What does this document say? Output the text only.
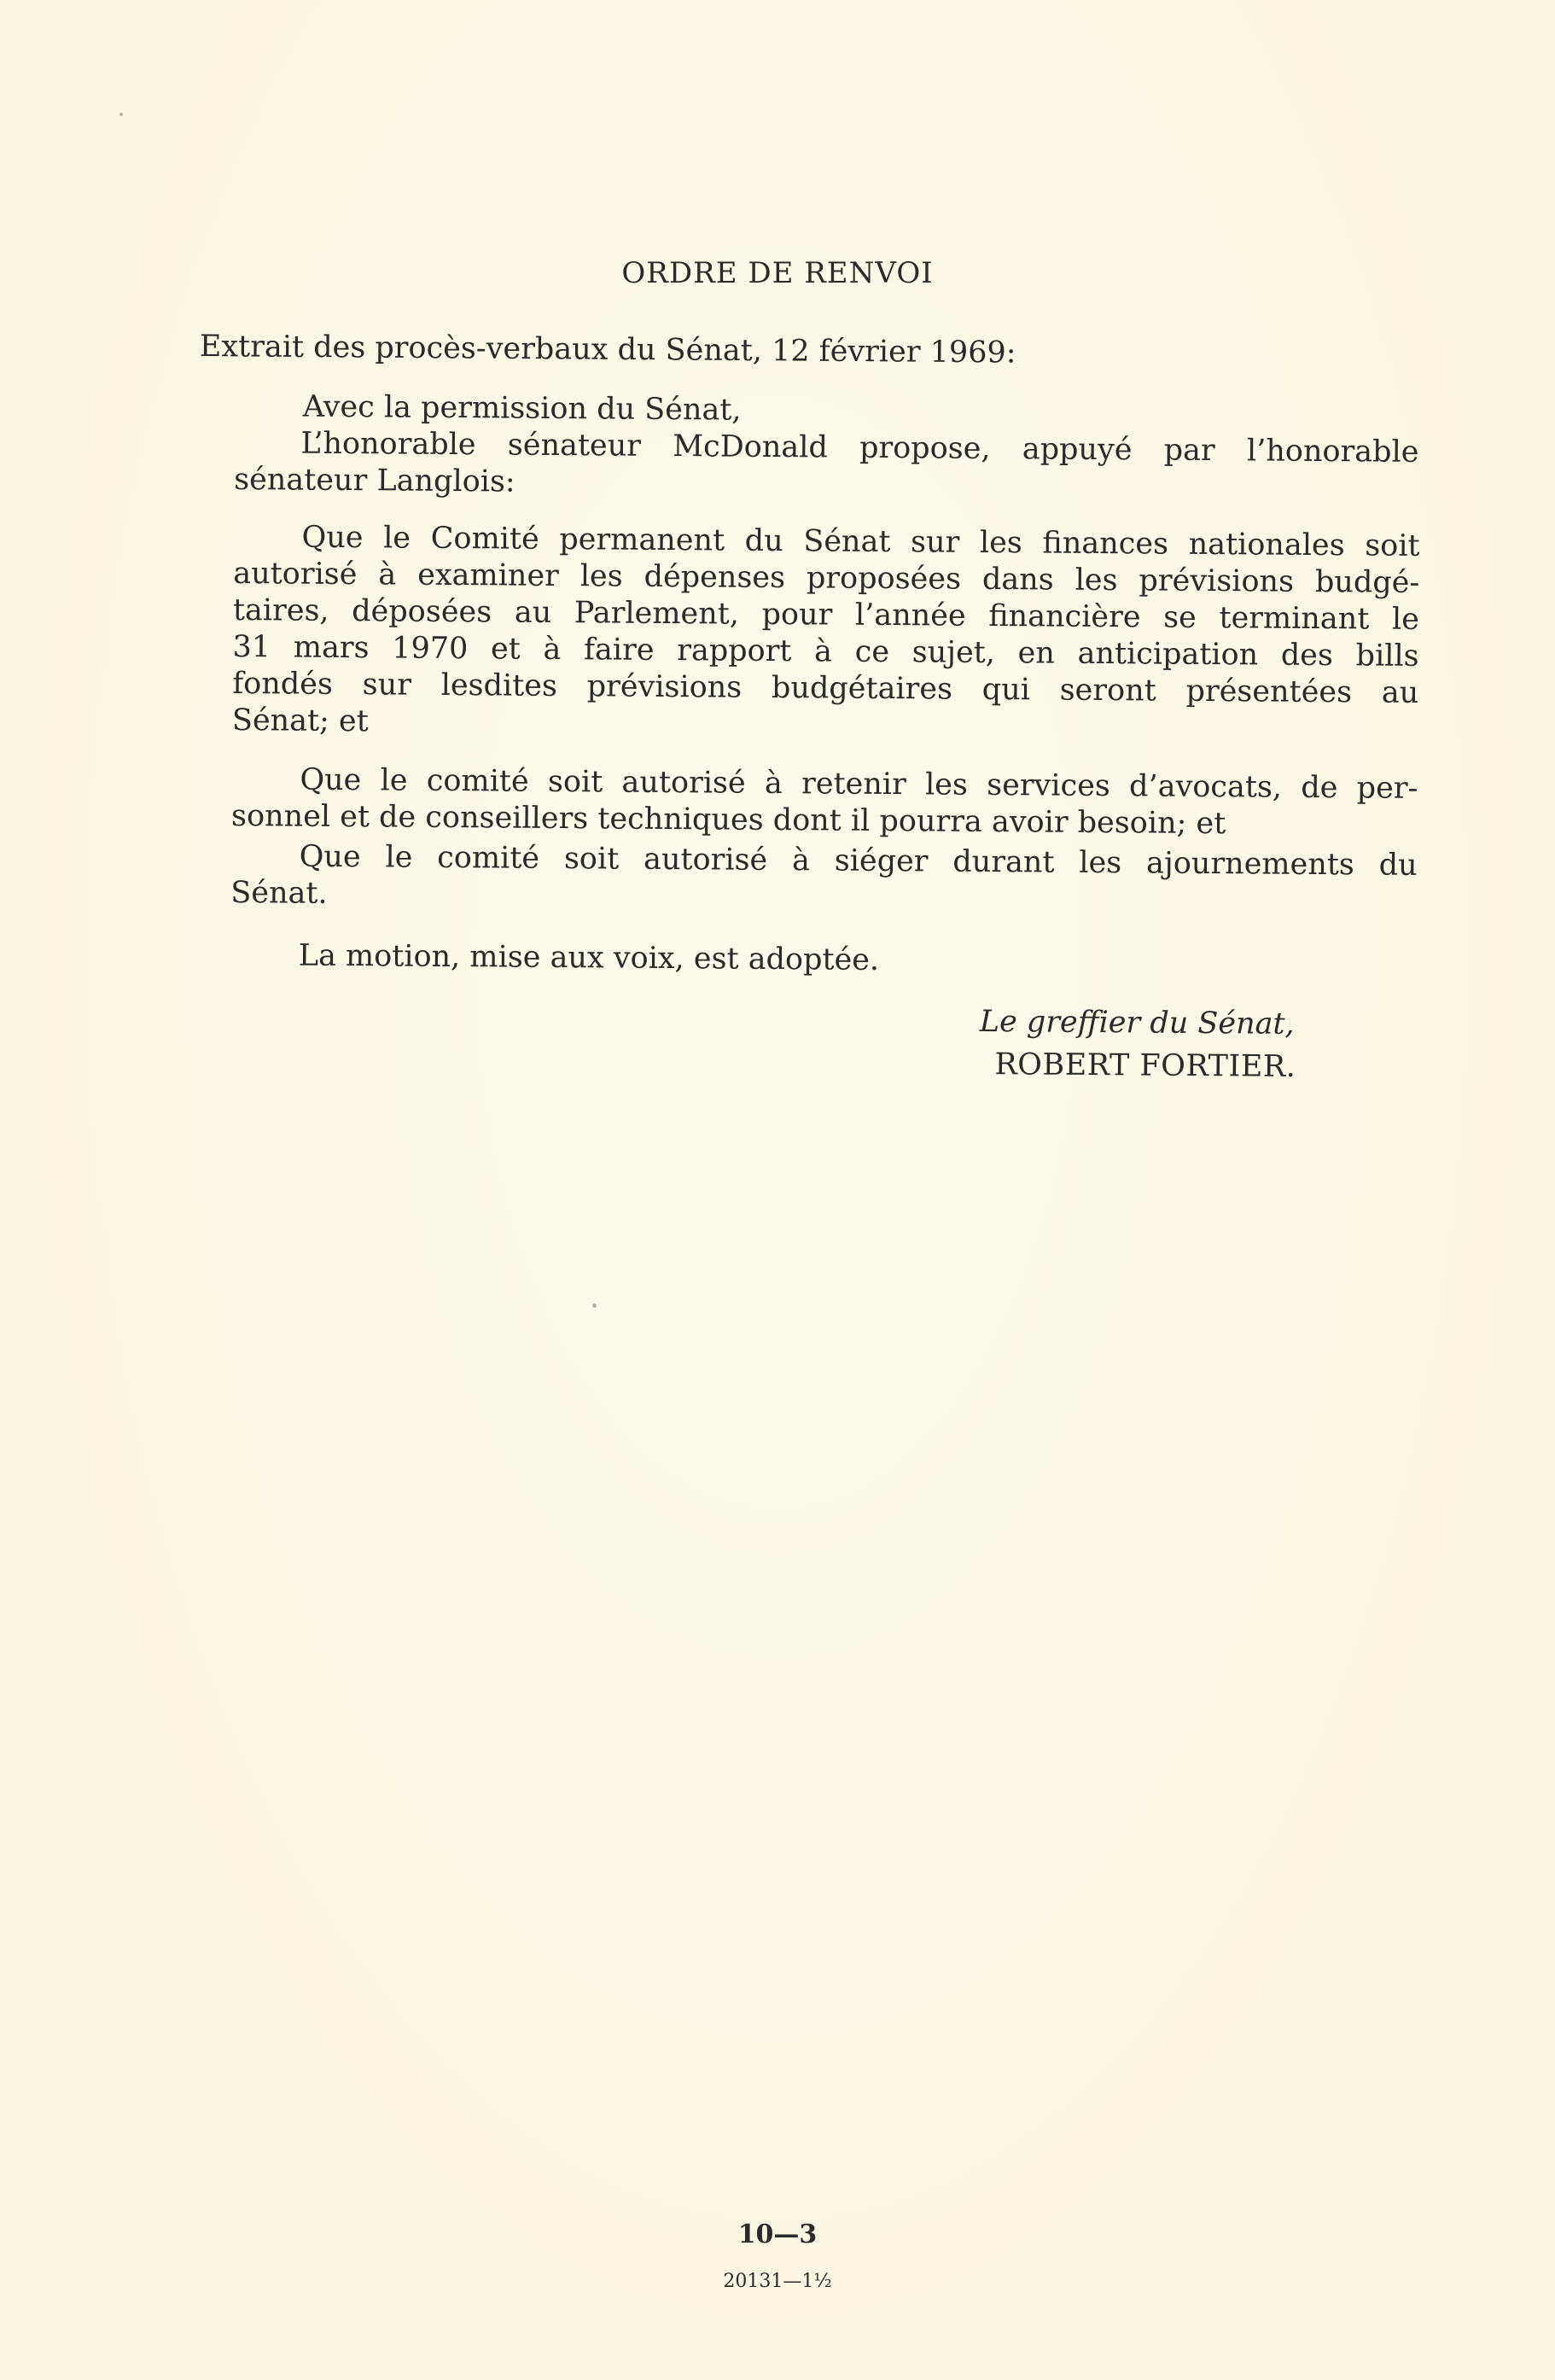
ORDRE DE RENVOI
Extrait des procès-verbaux du Sénat, 12 février 1969:
Avec la permission du Sénat,
L’honorable sénateur McDonald propose, appuyé par l’honorable
sénateur Langlois:
Que le Comité permanent du Sénat sur les finances nationales soit
autorisé à examiner les dépenses proposées dans les prévisions budgé-
taires, déposées au Parlement, pour l’année financière se terminant le
31 mars 1970 et à faire rapport à ce sujet, en anticipation des bills
fondés sur lesdites prévisions budgétaires qui seront présentées au
Sénat; et
Que le comité soit autorisé à retenir les services d’avocats, de per-
sonnel et de conseillers techniques dont il pourra avoir besoin; et
Que le comité soit autorisé à siéger durant les ajournements du
Sénat.
La motion, mise aux voix, est adoptée.
Le greffier du Sénat,
ROBERT FORTIER.
10—3
20131—1½
